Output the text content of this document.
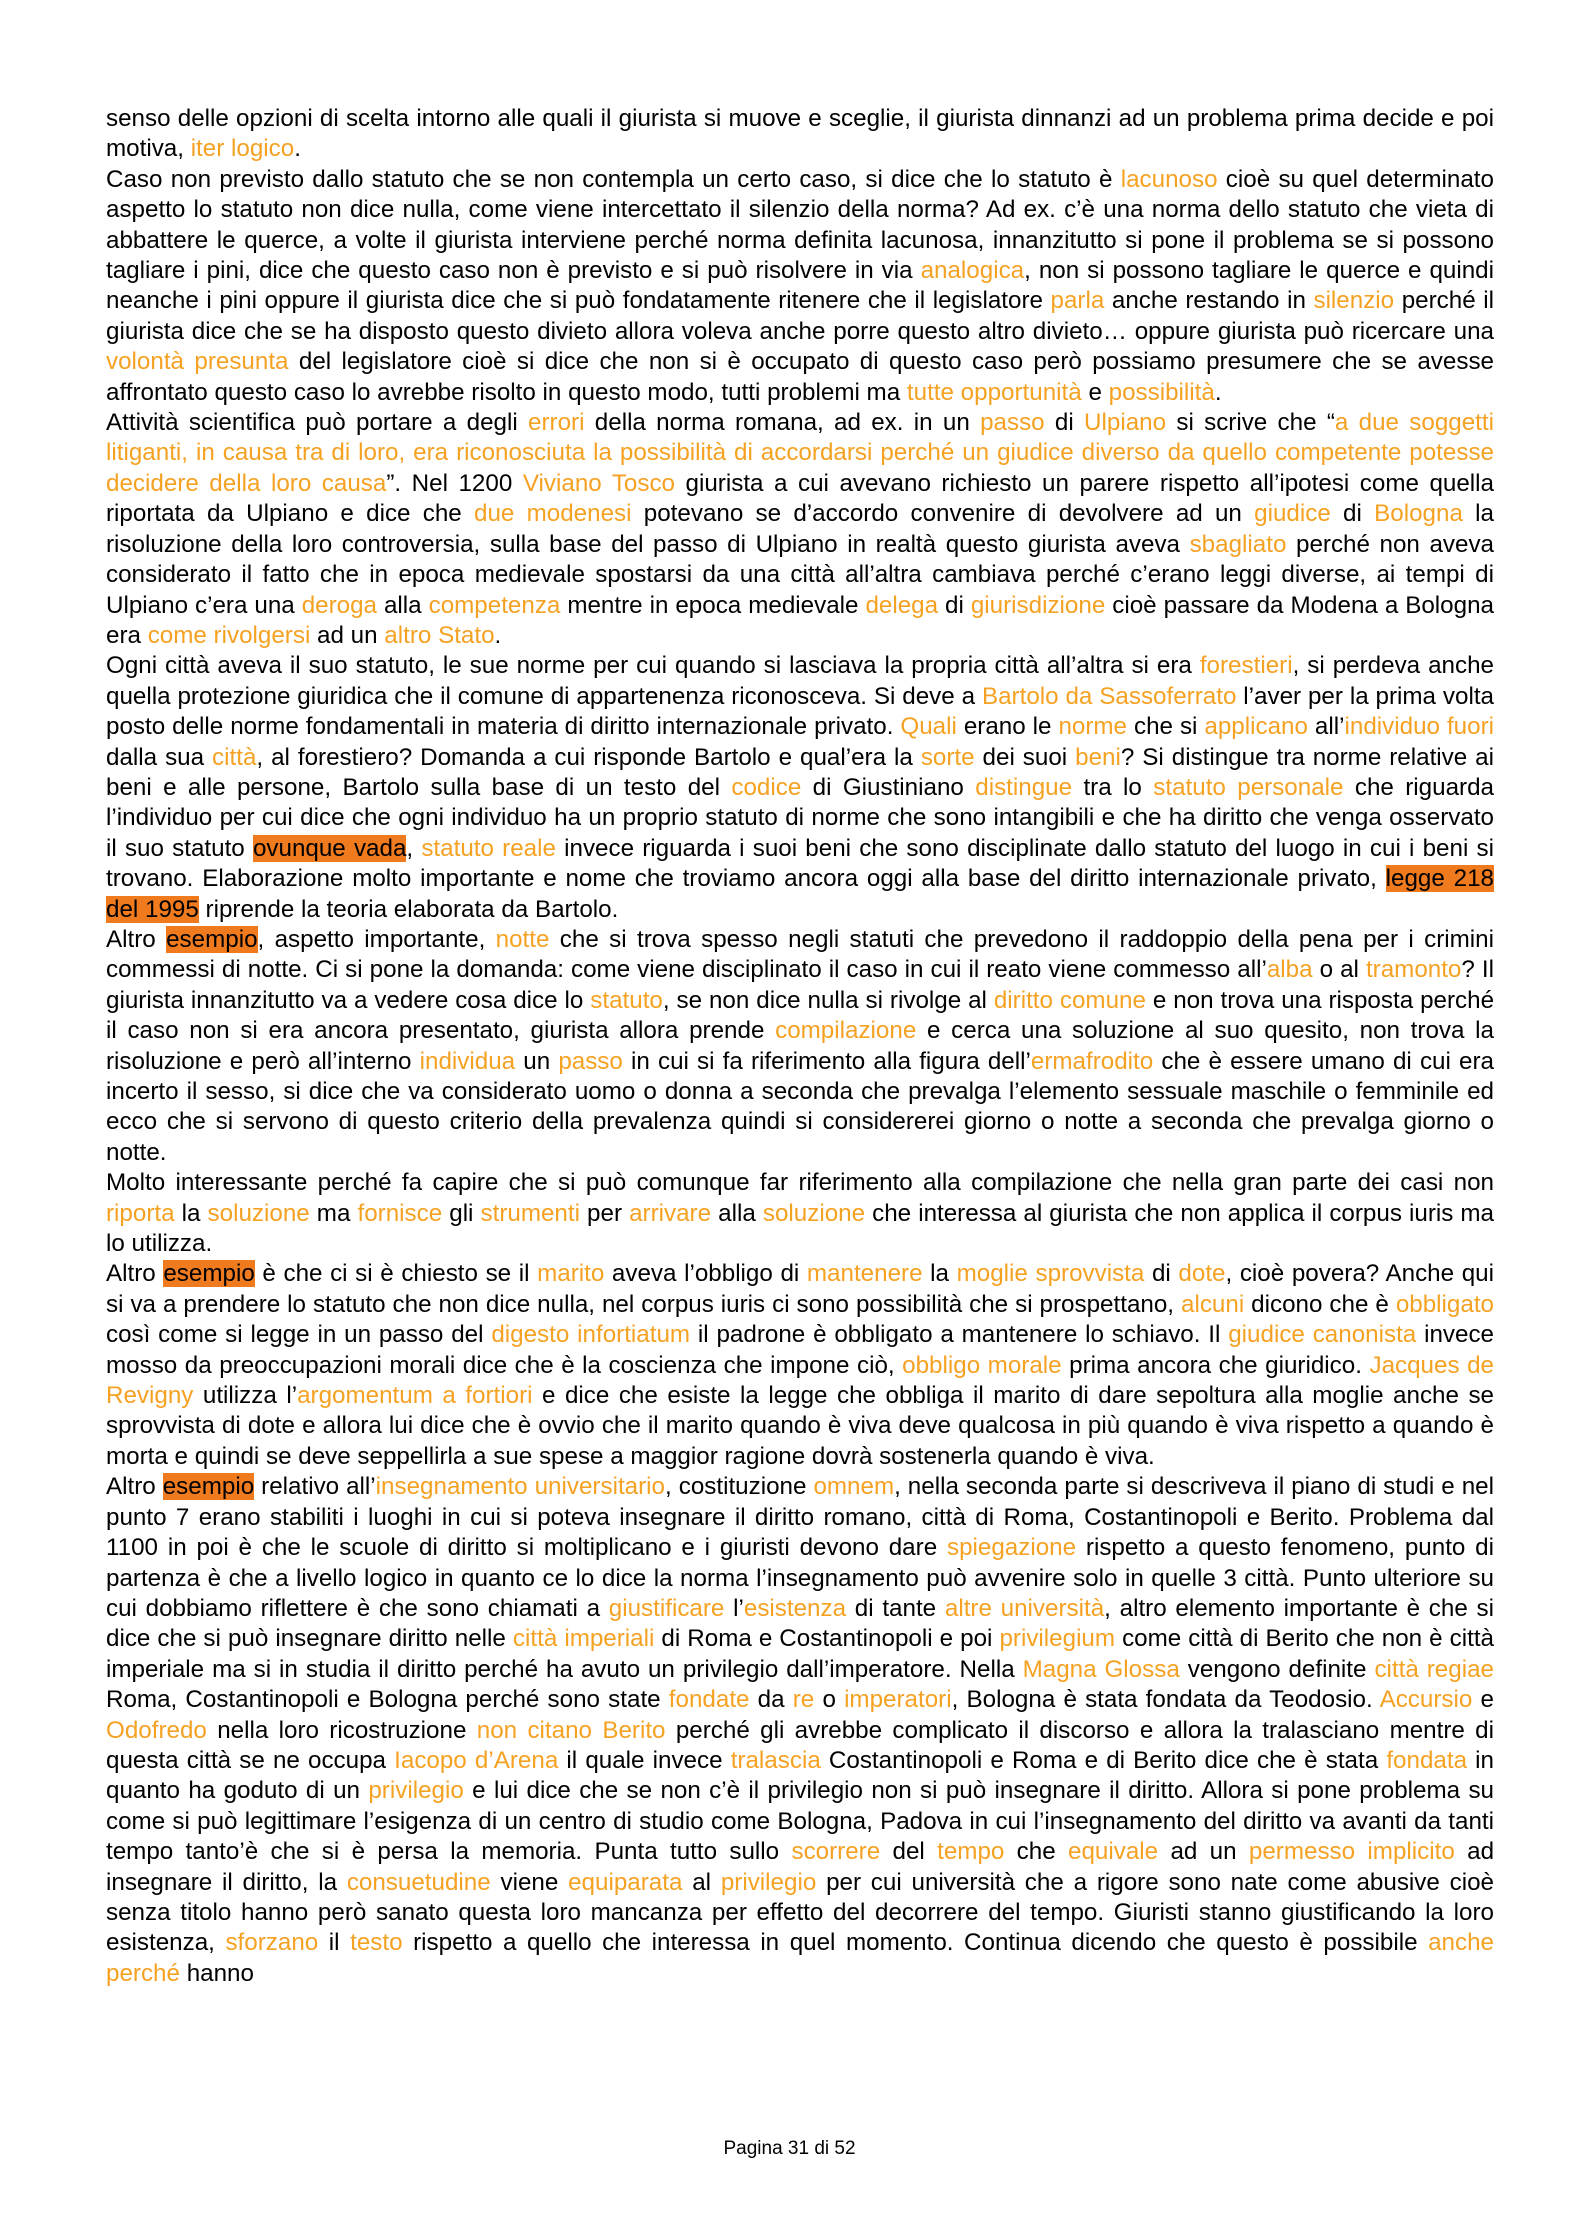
senso delle opzioni di scelta intorno alle quali il giurista si muove e sceglie, il giurista dinnanzi ad un problema prima decide e poi motiva, iter logico.

Caso non previsto dallo statuto che se non contempla un certo caso, si dice che lo statuto è lacunoso cioè su quel determinato aspetto lo statuto non dice nulla, come viene intercettato il silenzio della norma? Ad ex. c’è una norma dello statuto che vieta di abbattere le querce, a volte il giurista interviene perché norma definita lacunosa, innanzitutto si pone il problema se si possono tagliare i pini, dice che questo caso non è previsto e si può risolvere in via analogica, non si possono tagliare le querce e quindi neanche i pini oppure il giurista dice che si può fondatamente ritenere che il legislatore parla anche restando in silenzio perché il giurista dice che se ha disposto questo divieto allora voleva anche porre questo altro divieto… oppure giurista può ricercare una volontà presunta del legislatore cioè si dice che non si è occupato di questo caso però possiamo presumere che se avesse affrontato questo caso lo avrebbe risolto in questo modo, tutti problemi ma tutte opportunità e possibilità.

Attività scientifica può portare a degli errori della norma romana, ad ex. in un passo di Ulpiano si scrive che “a due soggetti litiganti, in causa tra di loro, era riconosciuta la possibilità di accordarsi perché un giudice diverso da quello competente potesse decidere della loro causa”. Nel 1200 Viviano Tosco giurista a cui avevano richiesto un parere rispetto all’ipotesi come quella riportata da Ulpiano e dice che due modenesi potevano se d’accordo convenire di devolvere ad un giudice di Bologna la risoluzione della loro controversia, sulla base del passo di Ulpiano in realtà questo giurista aveva sbagliato perché non aveva considerato il fatto che in epoca medievale spostarsi da una città all’altra cambiava perché c’erano leggi diverse, ai tempi di Ulpiano c’era una deroga alla competenza mentre in epoca medievale delega di giurisdizione cioè passare da Modena a Bologna era come rivolgersi ad un altro Stato.

Ogni città aveva il suo statuto, le sue norme per cui quando si lasciava la propria città all’altra si era forestieri, si perdeva anche quella protezione giuridica che il comune di appartenenza riconosceva. Si deve a Bartolo da Sassoferrato l’aver per la prima volta posto delle norme fondamentali in materia di diritto internazionale privato. Quali erano le norme che si applicano all’individuo fuori dalla sua città, al forestiero? Domanda a cui risponde Bartolo e qual’era la sorte dei suoi beni? Si distingue tra norme relative ai beni e alle persone, Bartolo sulla base di un testo del codice di Giustiniano distingue tra lo statuto personale che riguarda l’individuo per cui dice che ogni individuo ha un proprio statuto di norme che sono intangibili e che ha diritto che venga osservato il suo statuto ovunque vada, statuto reale invece riguarda i suoi beni che sono disciplinate dallo statuto del luogo in cui i beni si trovano. Elaborazione molto importante e nome che troviamo ancora oggi alla base del diritto internazionale privato, legge 218 del 1995 riprende la teoria elaborata da Bartolo.

Altro esempio, aspetto importante, notte che si trova spesso negli statuti che prevedono il raddoppio della pena per i crimini commessi di notte. Ci si pone la domanda: come viene disciplinato il caso in cui il reato viene commesso all’alba o al tramonto? Il giurista innanzitutto va a vedere cosa dice lo statuto, se non dice nulla si rivolge al diritto comune e non trova una risposta perché il caso non si era ancora presentato, giurista allora prende compilazione e cerca una soluzione al suo quesito, non trova la risoluzione e però all’interno individua un passo in cui si fa riferimento alla figura dell’ermafrodito che è essere umano di cui era incerto il sesso, si dice che va considerato uomo o donna a seconda che prevalga l’elemento sessuale maschile o femminile ed ecco che si servono di questo criterio della prevalenza quindi si considererei giorno o notte a seconda che prevalga giorno o notte.

Molto interessante perché fa capire che si può comunque far riferimento alla compilazione che nella gran parte dei casi non riporta la soluzione ma fornisce gli strumenti per arrivare alla soluzione che interessa al giurista che non applica il corpus iuris ma lo utilizza.

Altro esempio è che ci si è chiesto se il marito aveva l’obbligo di mantenere la moglie sprovvista di dote, cioè povera? Anche qui si va a prendere lo statuto che non dice nulla, nel corpus iuris ci sono possibilità che si prospettano, alcuni dicono che è obbligato così come si legge in un passo del digesto infortiatum il padrone è obbligato a mantenere lo schiavo. Il giudice canonista invece mosso da preoccupazioni morali dice che è la coscienza che impone ciò, obbligo morale prima ancora che giuridico. Jacques de Revigny utilizza l’argomentum a fortiori e dice che esiste la legge che obbliga il marito di dare sepoltura alla moglie anche se sprovvista di dote e allora lui dice che è ovvio che il marito quando è viva deve qualcosa in più quando è viva rispetto a quando è morta e quindi se deve seppellirla a sue spese a maggior ragione dovrà sostenerla quando è viva.

Altro esempio relativo all’insegnamento universitario, costituzione omnem, nella seconda parte si descriveva il piano di studi e nel punto 7 erano stabiliti i luoghi in cui si poteva insegnare il diritto romano, città di Roma, Costantinopoli e Berito. Problema dal 1100 in poi è che le scuole di diritto si moltiplicano e i giuristi devono dare spiegazione rispetto a questo fenomeno, punto di partenza è che a livello logico in quanto ce lo dice la norma l’insegnamento può avvenire solo in quelle 3 città. Punto ulteriore su cui dobbiamo riflettere è che sono chiamati a giustificare l’esistenza di tante altre università, altro elemento importante è che si dice che si può insegnare diritto nelle città imperiali di Roma e Costantinopoli e poi privilegium come città di Berito che non è città imperiale ma si in studia il diritto perché ha avuto un privilegio dall’imperatore. Nella Magna Glossa vengono definite città regiae Roma, Costantinopoli e Bologna perché sono state fondate da re o imperatori, Bologna è stata fondata da Teodosio. Accursio e Odofredo nella loro ricostruzione non citano Berito perché gli avrebbe complicato il discorso e allora la tralasciano mentre di questa città se ne occupa Iacopo d’Arena il quale invece tralascia Costantinopoli e Roma e di Berito dice che è stata fondata in quanto ha goduto di un privilegio e lui dice che se non c’è il privilegio non si può insegnare il diritto. Allora si pone problema su come si può legittimare l’esigenza di un centro di studio come Bologna, Padova in cui l’insegnamento del diritto va avanti da tanti tempo tanto’è che si è persa la memoria. Punta tutto sullo scorrere del tempo che equivale ad un permesso implicito ad insegnare il diritto, la consuetudine viene equiparata al privilegio per cui università che a rigore sono nate come abusive cioè senza titolo hanno però sanato questa loro mancanza per effetto del decorrere del tempo. Giuristi stanno giustificando la loro esistenza, sforzano il testo rispetto a quello che interessa in quel momento. Continua dicendo che questo è possibile anche perché hanno

Pagina 31 di 52
